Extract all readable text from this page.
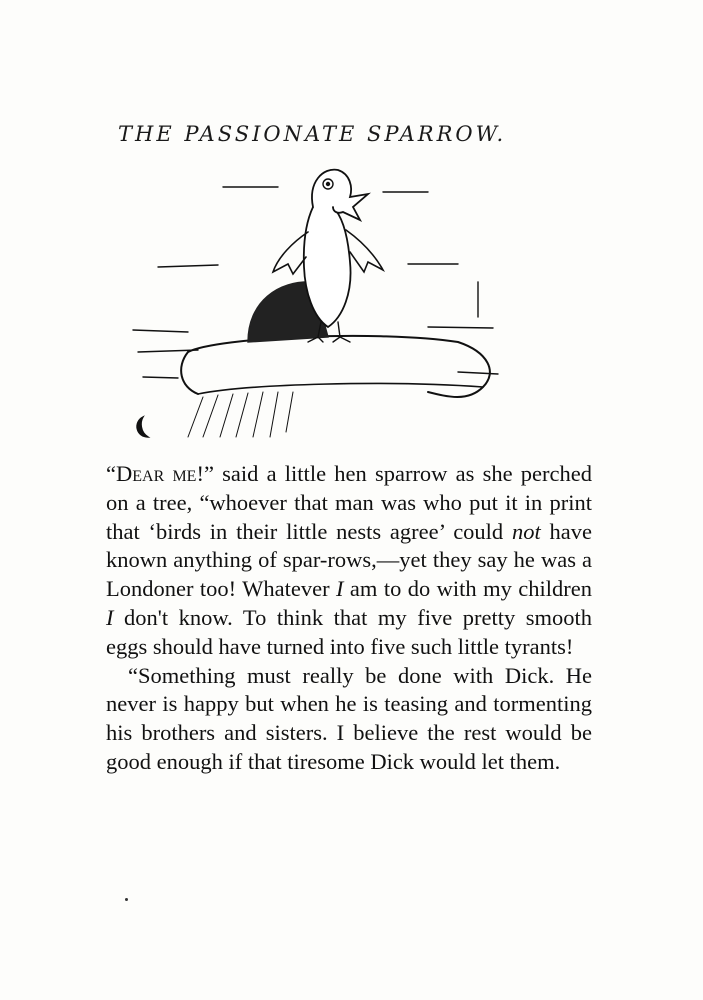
THE PASSIONATE SPARROW.

“Dear me!” said a little hen sparrow as she perched on a tree, “whoever that man was who put it in print that ‘birds in their little nests agree’ could not have known anything of spar-rows,—yet they say he was a Londoner too! Whatever I am to do with my children I don't know. To think that my five pretty smooth eggs should have turned into five such little tyrants!

“Something must really be done with Dick. He never is happy but when he is teasing and tormenting his brothers and sisters. I believe the rest would be good enough if that tiresome Dick would let them.
